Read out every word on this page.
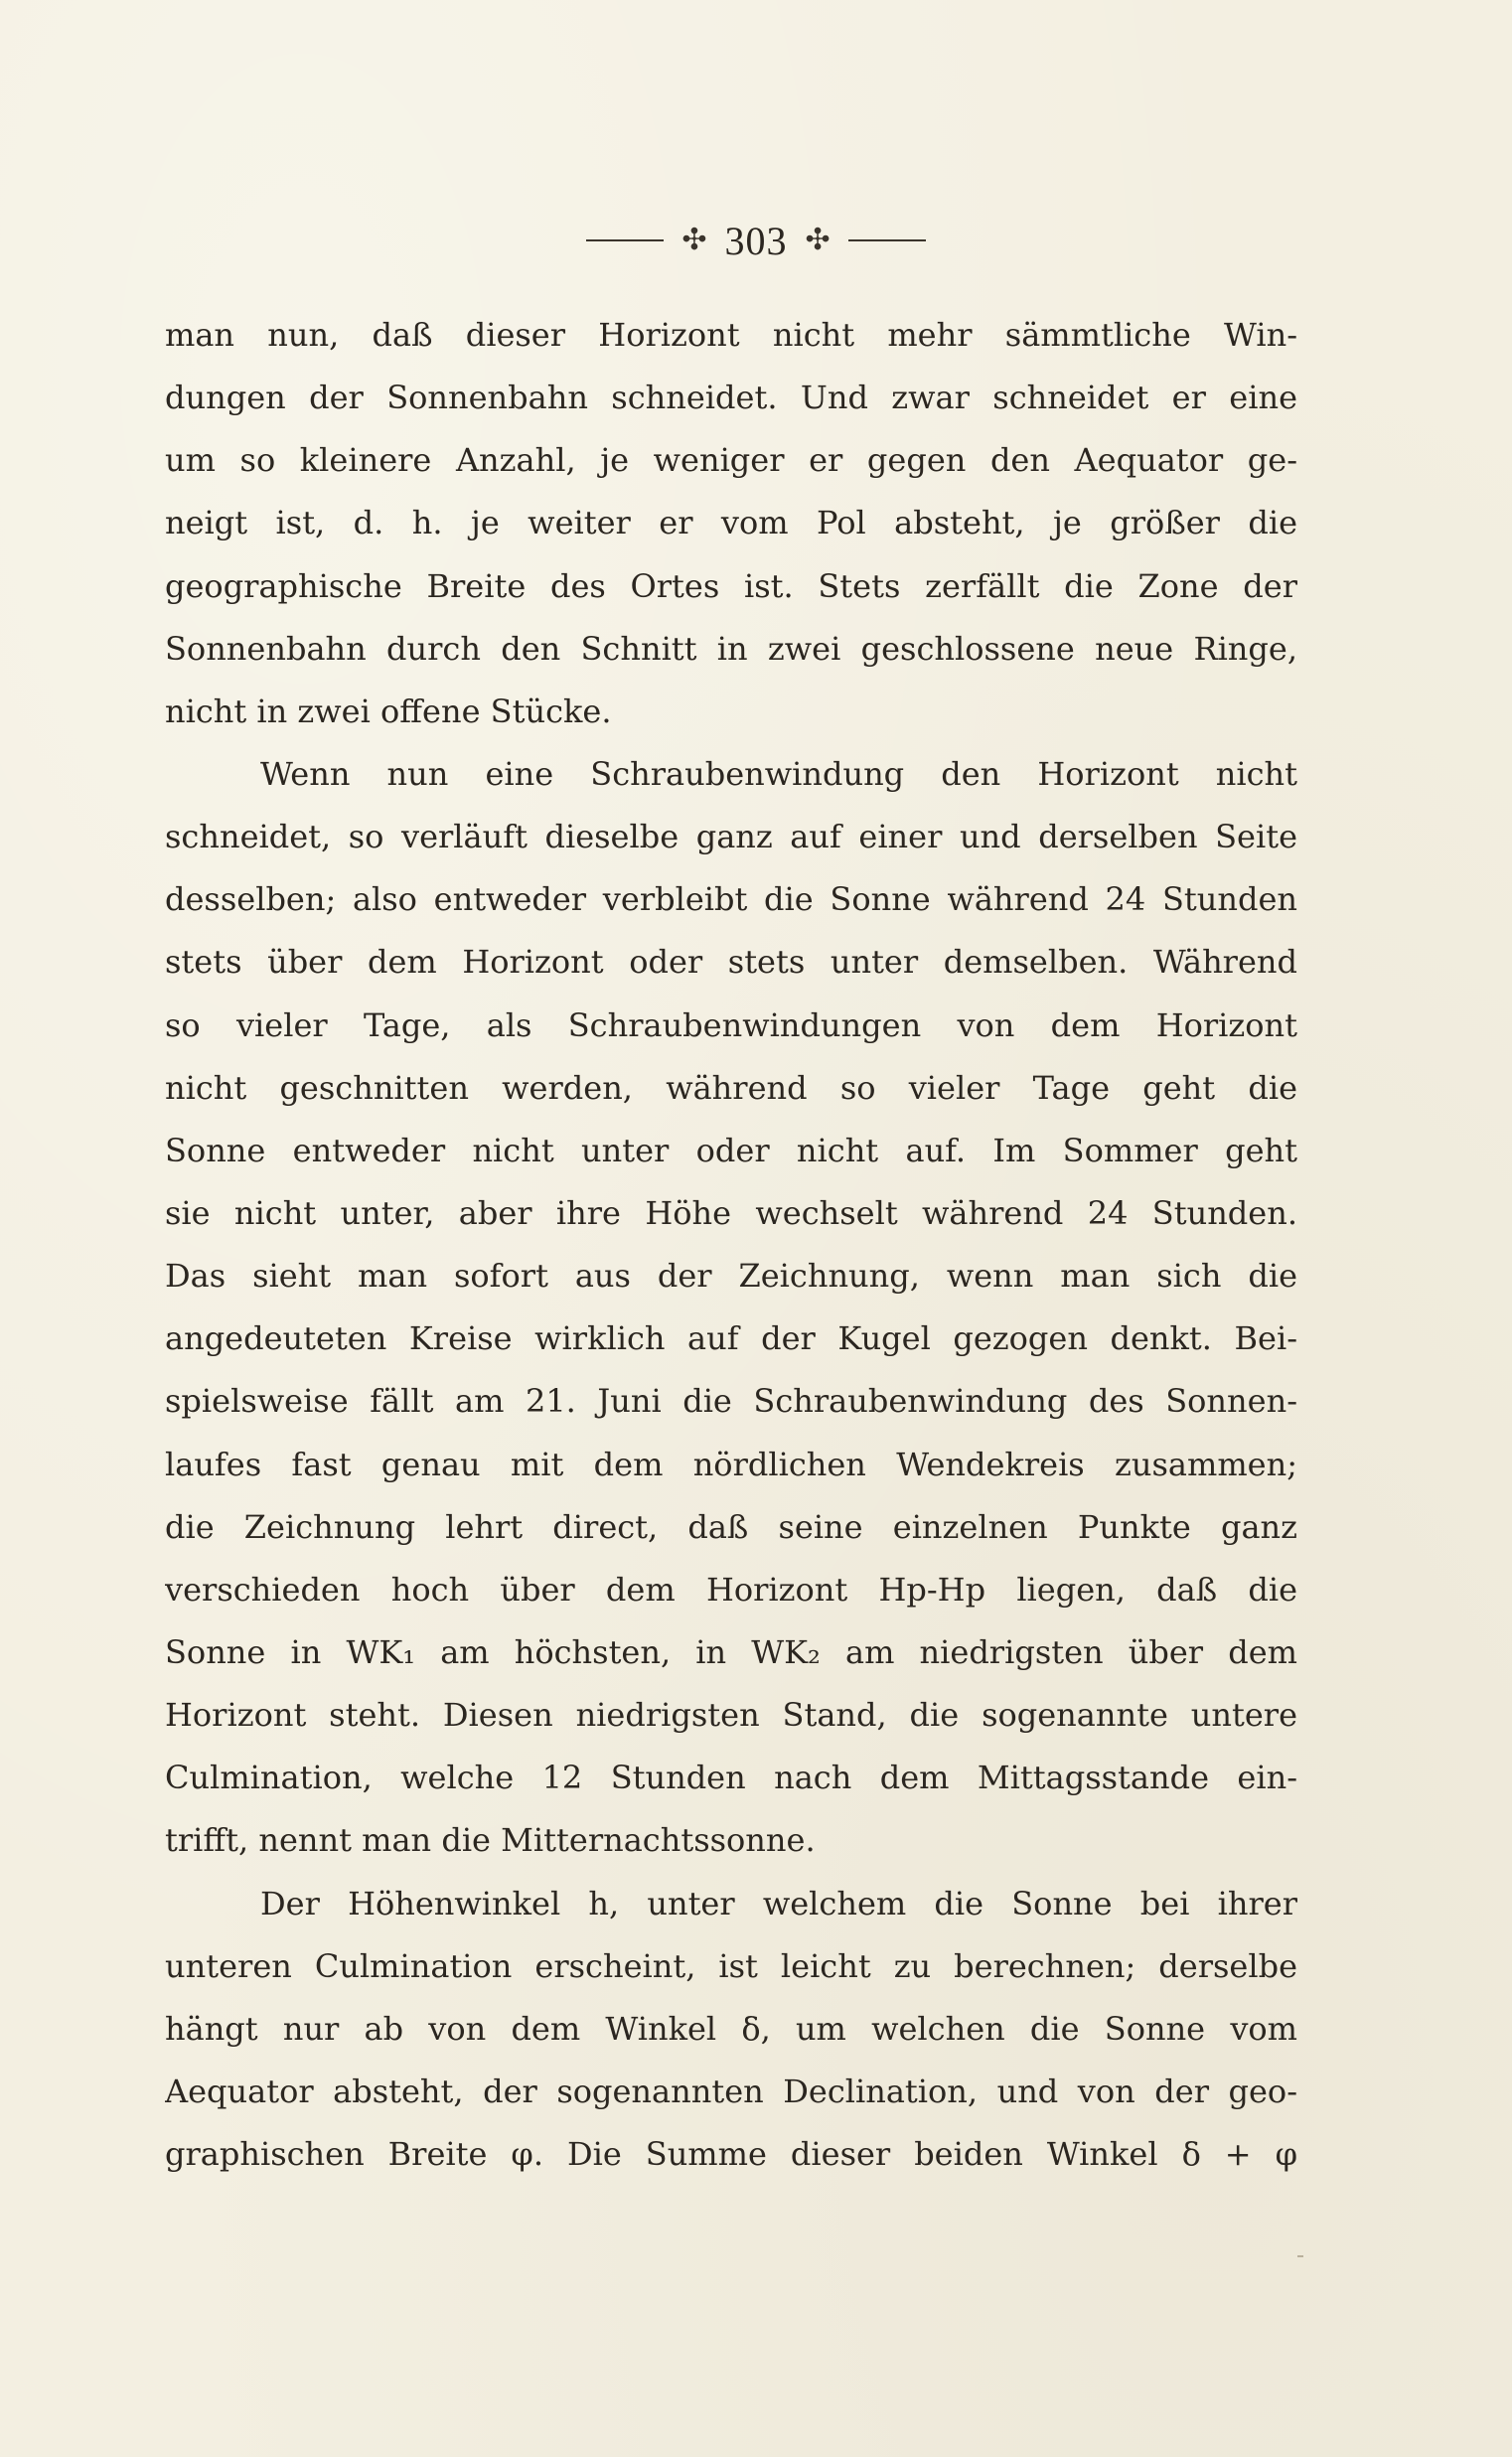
✣ 303 ✣
man nun, daß dieser Horizont nicht mehr sämmtliche Win-
dungen der Sonnenbahn schneidet. Und zwar schneidet er eine
um so kleinere Anzahl, je weniger er gegen den Aequator ge-
neigt ist, d. h. je weiter er vom Pol absteht, je größer die
geographische Breite des Ortes ist. Stets zerfällt die Zone der
Sonnenbahn durch den Schnitt in zwei geschlossene neue Ringe,
nicht in zwei offene Stücke.
Wenn nun eine Schraubenwindung den Horizont nicht
schneidet, so verläuft dieselbe ganz auf einer und derselben Seite
desselben; also entweder verbleibt die Sonne während 24 Stunden
stets über dem Horizont oder stets unter demselben. Während
so vieler Tage, als Schraubenwindungen von dem Horizont
nicht geschnitten werden, während so vieler Tage geht die
Sonne entweder nicht unter oder nicht auf. Im Sommer geht
sie nicht unter, aber ihre Höhe wechselt während 24 Stunden.
Das sieht man sofort aus der Zeichnung, wenn man sich die
angedeuteten Kreise wirklich auf der Kugel gezogen denkt. Bei-
spielsweise fällt am 21. Juni die Schraubenwindung des Sonnen-
laufes fast genau mit dem nördlichen Wendekreis zusammen;
die Zeichnung lehrt direct, daß seine einzelnen Punkte ganz
verschieden hoch über dem Horizont Hp-Hp liegen, daß die
Sonne in WK₁ am höchsten, in WK₂ am niedrigsten über dem
Horizont steht. Diesen niedrigsten Stand, die sogenannte untere
Culmination, welche 12 Stunden nach dem Mittagsstande ein-
trifft, nennt man die Mitternachtssonne.
Der Höhenwinkel h, unter welchem die Sonne bei ihrer
unteren Culmination erscheint, ist leicht zu berechnen; derselbe
hängt nur ab von dem Winkel δ, um welchen die Sonne vom
Aequator absteht, der sogenannten Declination, und von der geo-
graphischen Breite φ. Die Summe dieser beiden Winkel δ + φ
